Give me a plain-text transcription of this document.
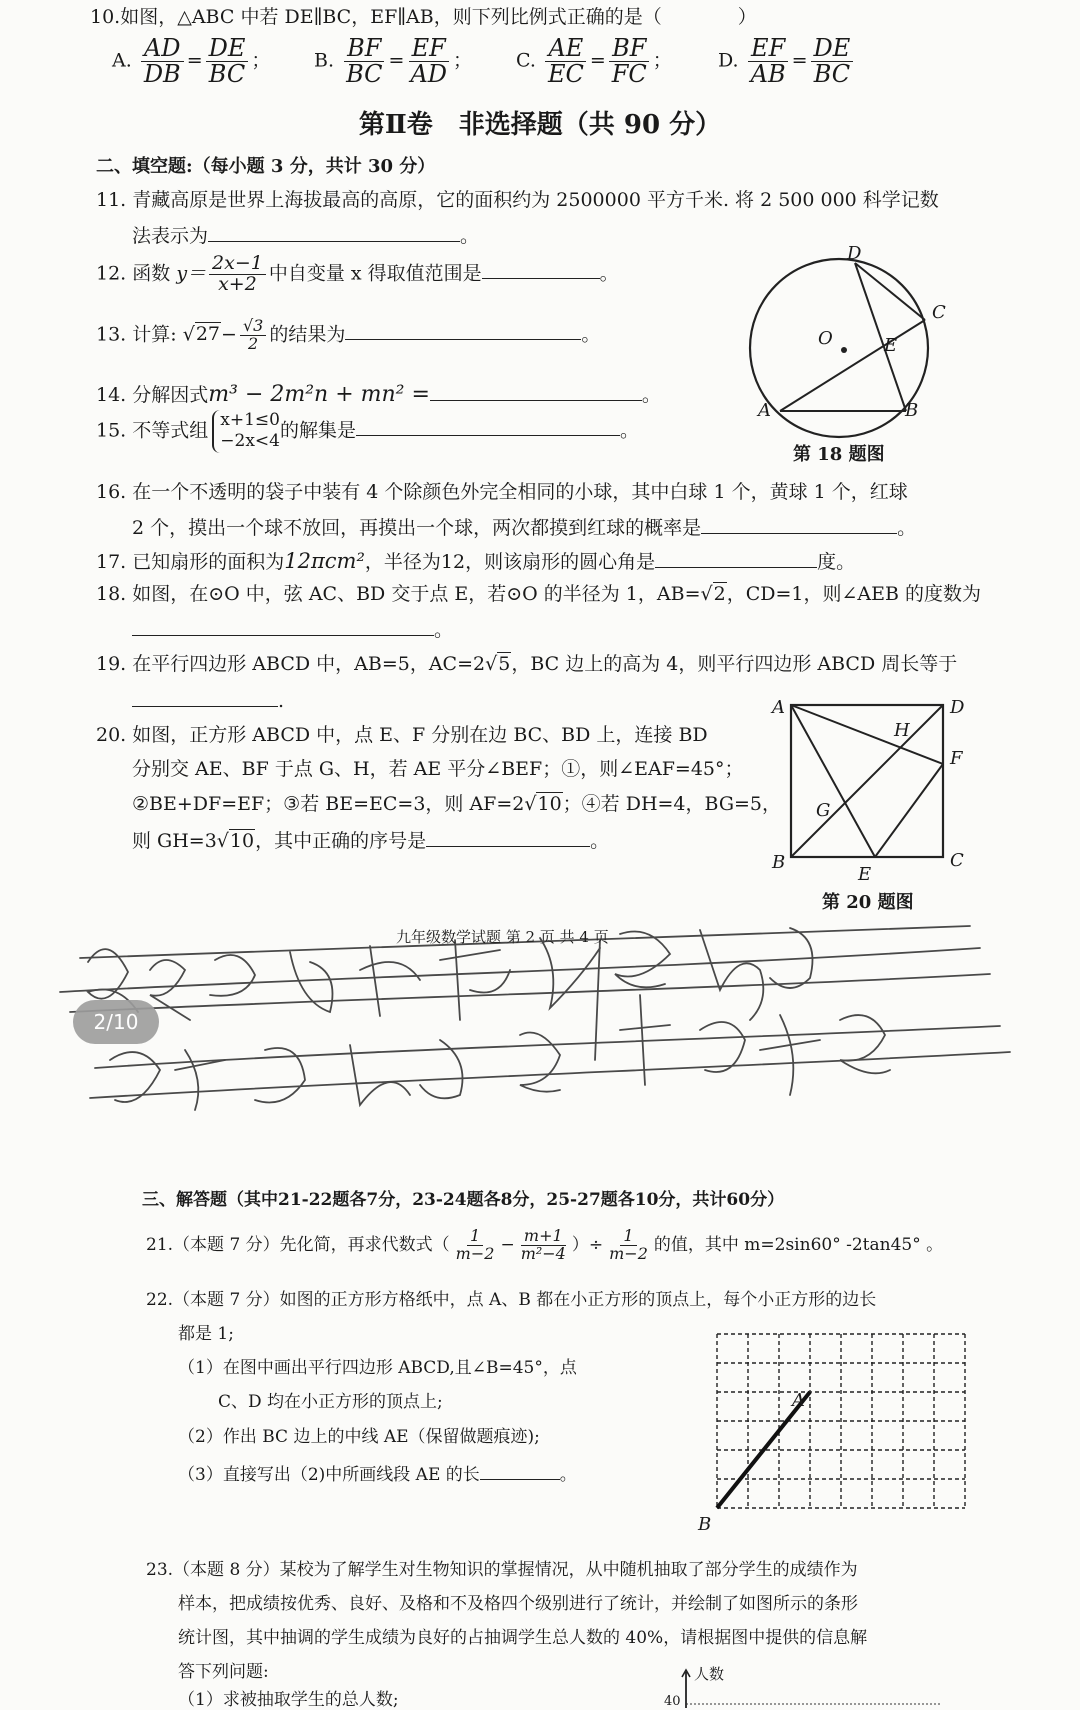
10.如图，△ABC 中若 DE∥BC，EF∥AB，则下列比例式正确的是（　　　　）
A. $\frac{AD}{DB} = \frac{DE}{BC}$ ； B. $\frac{BF}{BC} = \frac{EF}{AD}$ ； C. $\frac{AE}{EC} = \frac{BF}{FC}$ ； D. $\frac{EF}{AB} = \frac{DE}{BC}$
第Ⅱ卷　非选择题（共 90 分）
二、填空题:（每小题 3 分，共计 30 分）
11. 青藏高原是世界上海拔最高的高原，它的面积约为 2500000 平方千米. 将 2 500 000 科学记数
法表示为	。
12. 函数 $y= \frac{2x-1}{x+2}$ 中自变量 x 得取值范围是	。
13. 计算: $√27- \frac{√3}{2}$ 的结果为	。
14. 分解因式m³ − 2m²n + mn² =	。
15. 不等式组 x+1≤0
−2x<4 的解集是	。
D
C
O	E
A	B
第 18 题图
16. 在一个不透明的袋子中装有 4 个除颜色外完全相同的小球，其中白球 1 个，黄球 1 个，红球
2 个，摸出一个球不放回，再摸出一个球，两次都摸到红球的概率是	。
17. 已知扇形的面积为12πcm²，半径为12，则该扇形的圆心角是	度。
18. 如图，在⊙O 中，弦 AC、BD 交于点 E，若⊙O 的半径为 1，AB=√2，CD=1，则∠AEB 的度数为
。
19. 在平行四边形 ABCD 中，AB=5，AC=2√5，BC 边上的高为 4，则平行四边形 ABCD 周长等于
.
20. 如图，正方形 ABCD 中，点 E、F 分别在边 BC、BD 上，连接 BD
分别交 AE、BF 于点 G、H，若 AE 平分∠BEF；①，则∠EAF=45°；
②BE+DF=EF；③若 BE=EC=3，则 AF=2√10；④若 DH=4，BG=5，
则 GH=3√10，其中正确的序号是	。
A	D
H
F
G
B
E
C
第 20 题图
九年级数学试题 第 2 页 共 4 页
2/10
三、解答题（其中21-22题各7分，23-24题各8分，25-27题各10分，共计60分）
21.（本题 7 分）先化简，再求代数式（ $\frac{1}{m-2} - \frac{m+1}{\text{m²−4}}$ ）÷ $\frac{1}{m-2}$ 的值，其中 m=2sin60° -2tan45° 。
22.（本题 7 分）如图的正方形方格纸中，点 A、B 都在小正方形的顶点上，每个小正方形的边长
都是 1;
（1）在图中画出平行四边形 ABCD,且∠B=45°，点
C、D 均在小正方形的顶点上;
（2）作出 BC 边上的中线 AE（保留做题痕迹);
（3）直接写出（2)中所画线段 AE 的长	。
A
B
23.（本题 8 分）某校为了解学生对生物知识的掌握情况，从中随机抽取了部分学生的成绩作为
样本，把成绩按优秀、良好、及格和不及格四个级别进行了统计，并绘制了如图所示的条形
统计图，其中抽调的学生成绩为良好的占抽调学生总人数的 40%，请根据图中提供的信息解
答下列问题:
（1）求被抽取学生的总人数;
人数
40
